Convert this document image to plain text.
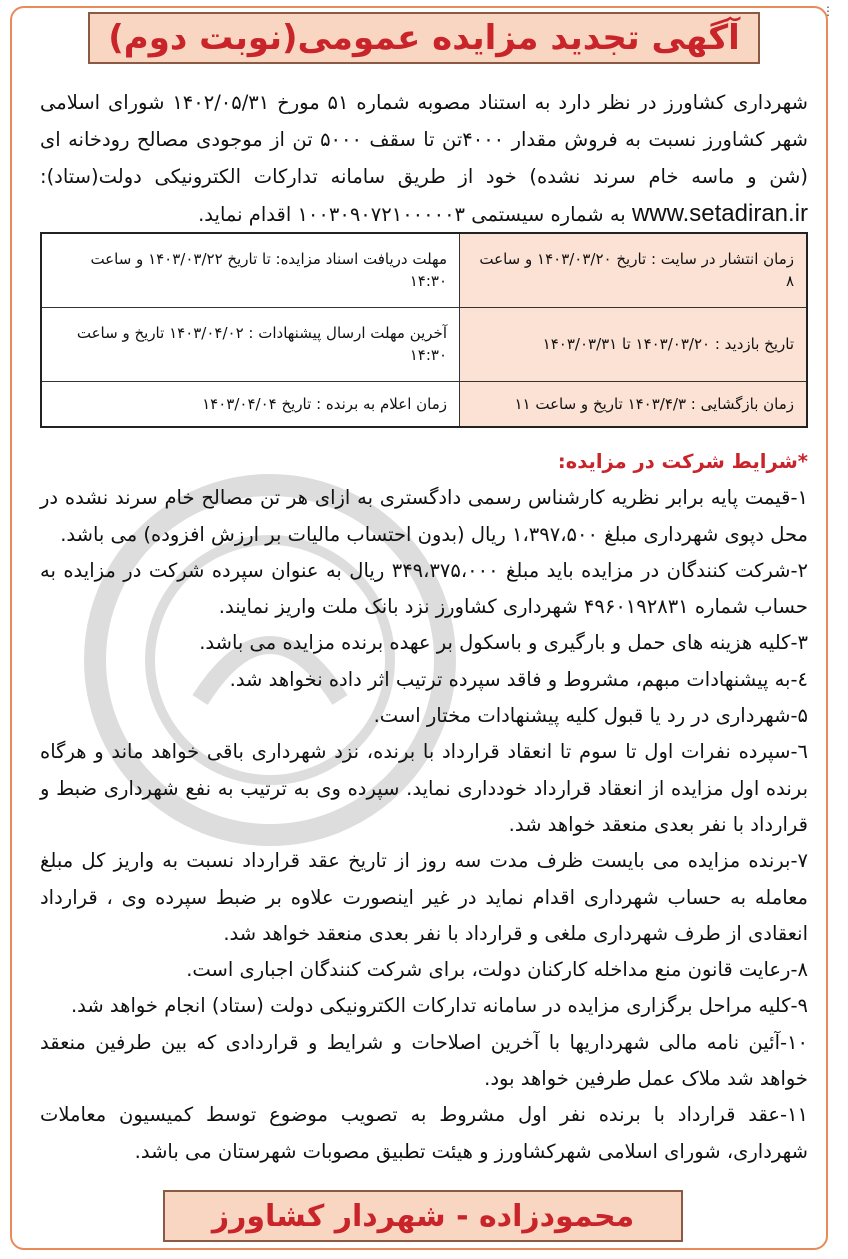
⋮
آگهی تجدید مزایده عمومی(نوبت دوم)
شهرداری کشاورز در نظر دارد به استناد مصوبه شماره ۵۱ مورخ ۱۴۰۲/۰۵/۳۱ شورای اسلامی شهر کشاورز نسبت به فروش مقدار ۴۰۰۰تن تا سقف ۵۰۰۰ تن از موجودی مصالح رودخانه ای (شن و ماسه خام سرند نشده) خود از طریق سامانه تدارکات الکترونیکی دولت(ستاد): www.setadiran.ir به شماره سیستمی ۱۰۰۳۰۹۰۷۲۱۰۰۰۰۰۳ اقدام نماید.
زمان انتشار در سایت : تاریخ ۱۴۰۳/۰۳/۲۰ و ساعت ۸	مهلت دریافت اسناد مزایده: تا تاریخ ۱۴۰۳/۰۳/۲۲ و ساعت ۱۴:۳۰
تاریخ بازدید : ۱۴۰۳/۰۳/۲۰ تا ۱۴۰۳/۰۳/۳۱	آخرین مهلت ارسال پیشنهادات : ۱۴۰۳/۰۴/۰۲ تاریخ و ساعت ۱۴:۳۰
زمان بازگشایی : ۱۴۰۳/۴/۳ تاریخ و ساعت ۱۱	زمان اعلام به برنده : تاریخ ۱۴۰۳/۰۴/۰۴

*شرایط شرکت در مزایده:

۱-قیمت پایه برابر نظریه کارشناس رسمی دادگستری به ازای هر تن مصالح خام سرند نشده در محل دپوی شهرداری مبلغ ۱،۳۹۷،۵۰۰ ریال (بدون احتساب مالیات بر ارزش افزوده) می باشد.

۲-شرکت کنندگان در مزایده باید مبلغ ۳۴۹،۳۷۵،۰۰۰ ریال به عنوان سپرده شرکت در مزایده به حساب شماره ۴۹۶۰۱۹۲۸۳۱ شهرداری کشاورز نزد بانک ملت واریز نمایند.

۳-کلیه هزینه های حمل و بارگیری و باسکول بر عهده برنده مزایده می باشد.

٤-به پیشنهادات مبهم، مشروط و فاقد سپرده ترتیب اثر داده نخواهد شد.

۵-شهرداری در رد یا قبول کلیه پیشنهادات مختار است.

٦-سپرده نفرات اول تا سوم تا انعقاد قرارداد با برنده، نزد شهرداری باقی خواهد ماند و هرگاه برنده اول مزایده از انعقاد قرارداد خودداری نماید. سپرده وی به ترتیب به نفع شهرداری ضبط و قرارداد با نفر بعدی منعقد خواهد شد.

۷-برنده مزایده می بایست ظرف مدت سه روز از تاریخ عقد قرارداد نسبت به واریز کل مبلغ معامله به حساب شهرداری اقدام نماید در غیر اینصورت علاوه بر ضبط سپرده وی ، قرارداد انعقادی از طرف شهرداری ملغی و قرارداد با نفر بعدی منعقد خواهد شد.

۸-رعایت قانون منع مداخله کارکنان دولت، برای شرکت کنندگان اجباری است.

۹-کلیه مراحل برگزاری مزایده در سامانه تدارکات الکترونیکی دولت (ستاد) انجام خواهد شد.

۱۰-آئین نامه مالی شهرداریها با آخرین اصلاحات و شرایط و قراردادی که بین طرفین منعقد خواهد شد ملاک عمل طرفین خواهد بود.

۱۱-عقد قرارداد با برنده نفر اول مشروط به تصویب موضوع توسط کمیسیون معاملات شهرداری، شورای اسلامی شهرکشاورز و هیئت تطبیق مصوبات شهرستان می باشد.

محمودزاده - شهردار کشاورز
